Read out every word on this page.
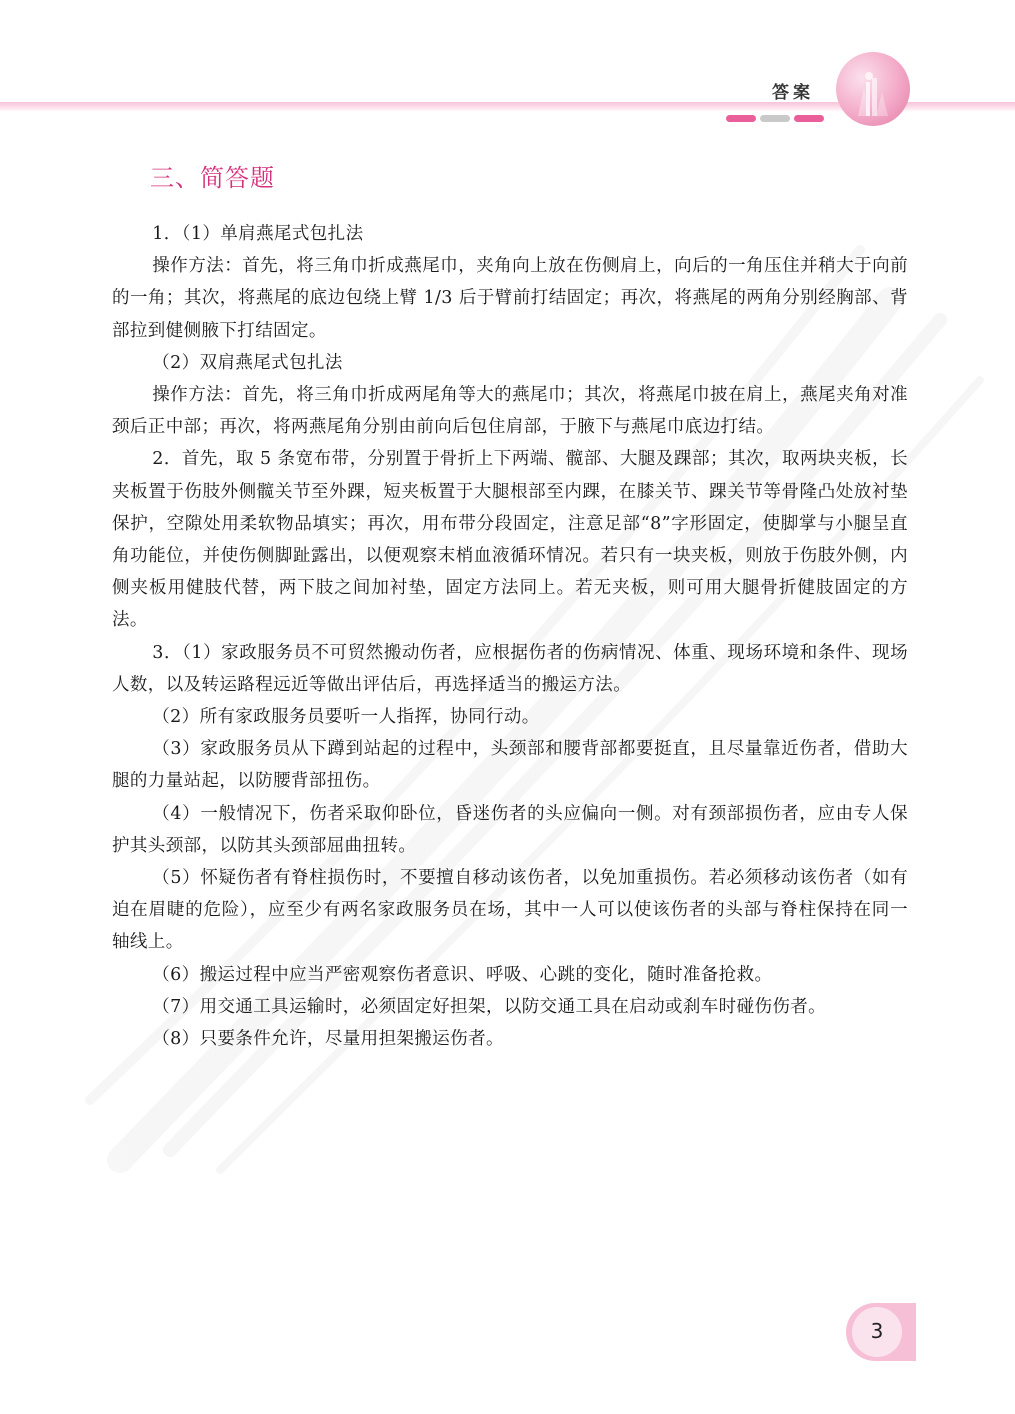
答案
三、简答题

1．（1）单肩燕尾式包扎法

操作方法：首先，将三角巾折成燕尾巾，夹角向上放在伤侧肩上，向后的一角压住并稍大于向前的一角；其次，将燕尾的底边包绕上臂 1/3 后于臂前打结固定；再次，将燕尾的两角分别经胸部、背部拉到健侧腋下打结固定。

（2）双肩燕尾式包扎法

操作方法：首先，将三角巾折成两尾角等大的燕尾巾；其次，将燕尾巾披在肩上，燕尾夹角对准颈后正中部；再次，将两燕尾角分别由前向后包住肩部，于腋下与燕尾巾底边打结。

2．首先，取 5 条宽布带，分别置于骨折上下两端、髋部、大腿及踝部；其次，取两块夹板，长夹板置于伤肢外侧髋关节至外踝，短夹板置于大腿根部至内踝，在膝关节、踝关节等骨隆凸处放衬垫保护，空隙处用柔软物品填实；再次，用布带分段固定，注意足部“8”字形固定，使脚掌与小腿呈直角功能位，并使伤侧脚趾露出，以便观察末梢血液循环情况。若只有一块夹板，则放于伤肢外侧，内侧夹板用健肢代替，两下肢之间加衬垫，固定方法同上。若无夹板，则可用大腿骨折健肢固定的方法。

3．（1）家政服务员不可贸然搬动伤者，应根据伤者的伤病情况、体重、现场环境和条件、现场人数，以及转运路程远近等做出评估后，再选择适当的搬运方法。

（2）所有家政服务员要听一人指挥，协同行动。

（3）家政服务员从下蹲到站起的过程中，头颈部和腰背部都要挺直，且尽量靠近伤者，借助大腿的力量站起，以防腰背部扭伤。

（4）一般情况下，伤者采取仰卧位，昏迷伤者的头应偏向一侧。对有颈部损伤者，应由专人保护其头颈部，以防其头颈部屈曲扭转。

（5）怀疑伤者有脊柱损伤时，不要擅自移动该伤者，以免加重损伤。若必须移动该伤者（如有迫在眉睫的危险），应至少有两名家政服务员在场，其中一人可以使该伤者的头部与脊柱保持在同一轴线上。

（6）搬运过程中应当严密观察伤者意识、呼吸、心跳的变化，随时准备抢救。

（7）用交通工具运输时，必须固定好担架，以防交通工具在启动或刹车时碰伤伤者。

（8）只要条件允许，尽量用担架搬运伤者。

3
